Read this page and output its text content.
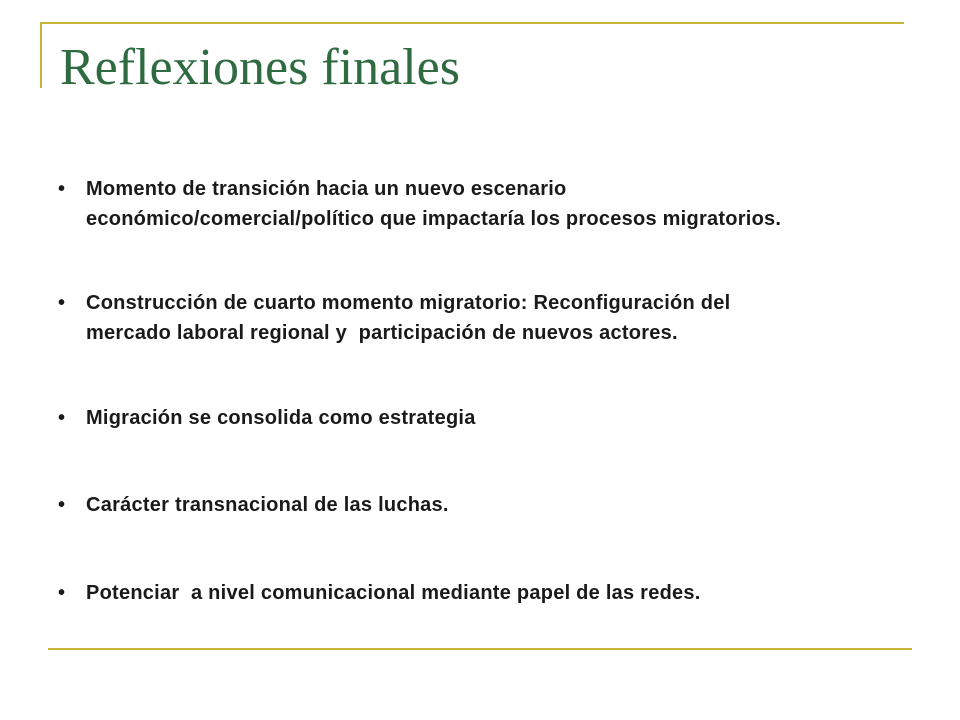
Reflexiones finales
• Momento de transición hacia un nuevo escenario
económico/comercial/político que impactaría los procesos migratorios.
• Construcción de cuarto momento migratorio: Reconfiguración del
mercado laboral regional y  participación de nuevos actores.
• Migración se consolida como estrategia
• Carácter transnacional de las luchas.
• Potenciar  a nivel comunicacional mediante papel de las redes.
